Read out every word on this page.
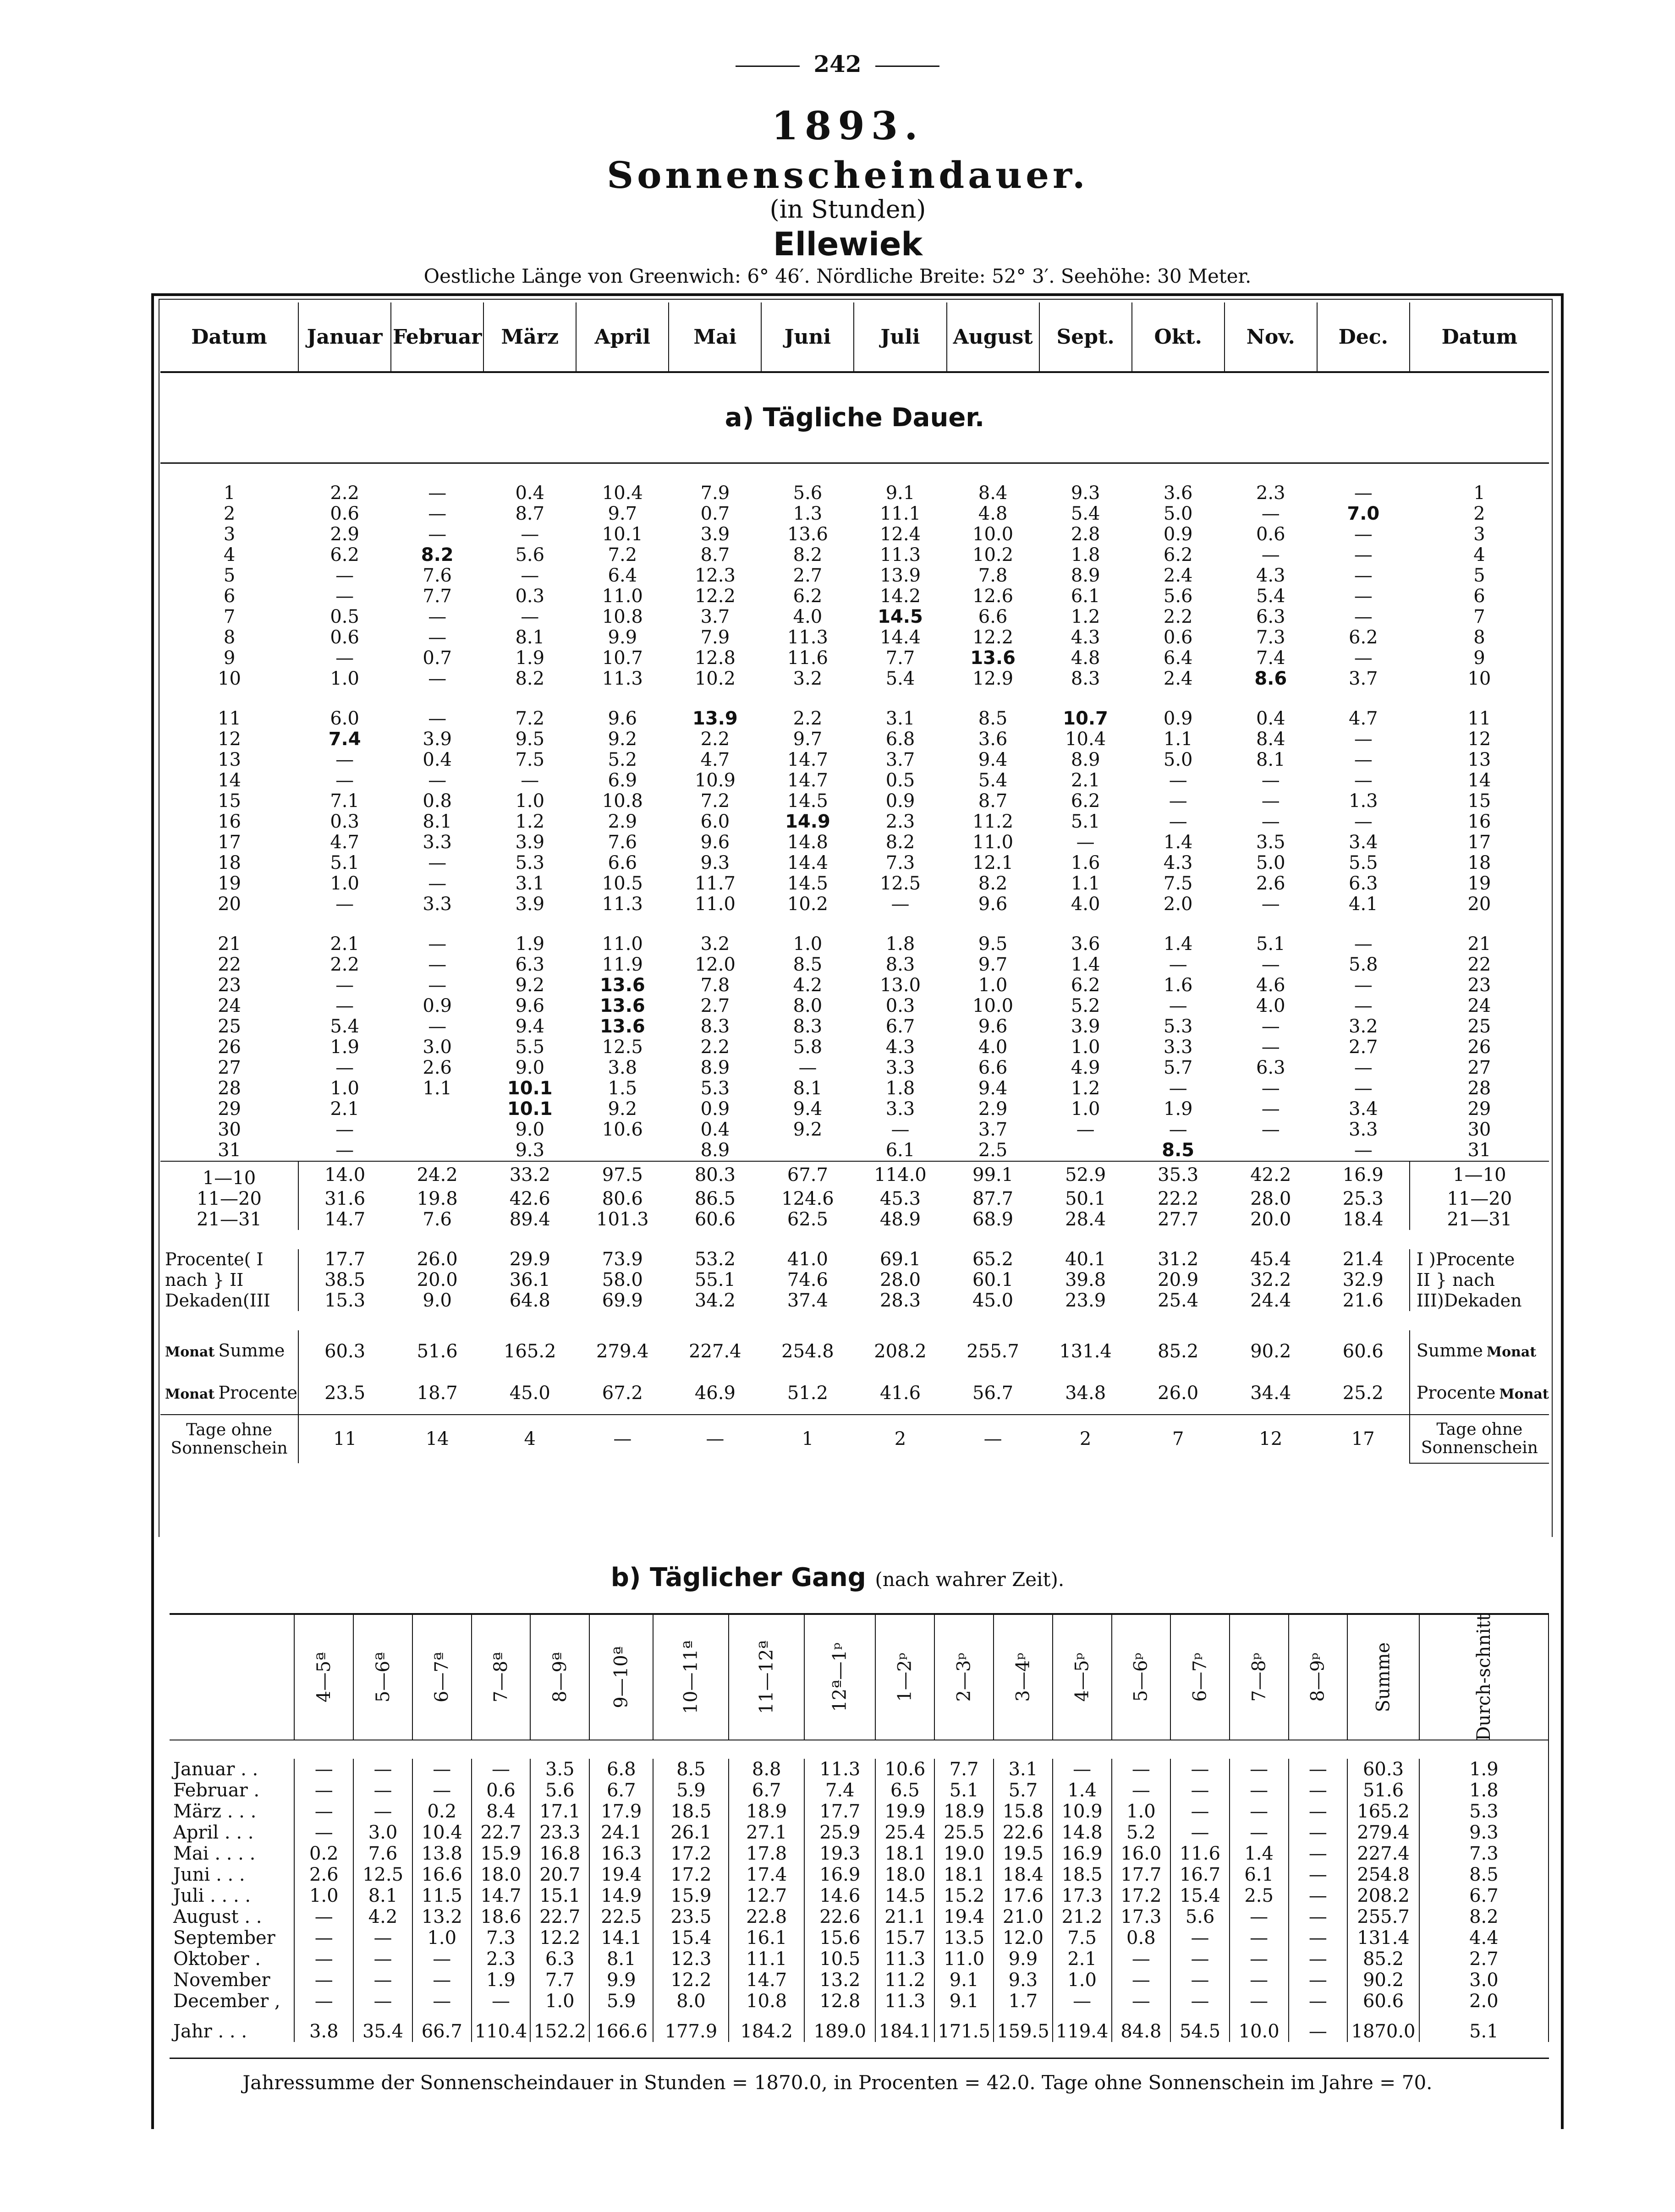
242
1893.
Sonnenscheindauer.
(in Stunden)
Ellewiek
Oestliche Länge von Greenwich: 6° 46′. Nördliche Breite: 52° 3′. Seehöhe: 30 Meter.
Datum	Januar	Februar	März	April	Mai	Juni	Juli	August	Sept.	Okt.	Nov.	Dec.	Datum
a) Tägliche Dauer.													

1	2.2	—	0.4	10.4	7.9	5.6	9.1	8.4	9.3	3.6	2.3	—	1
2	0.6	—	8.7	9.7	0.7	1.3	11.1	4.8	5.4	5.0	—	7.0	2
3	2.9	—	—	10.1	3.9	13.6	12.4	10.0	2.8	0.9	0.6	—	3
4	6.2	8.2	5.6	7.2	8.7	8.2	11.3	10.2	1.8	6.2	—	—	4
5	—	7.6	—	6.4	12.3	2.7	13.9	7.8	8.9	2.4	4.3	—	5
6	—	7.7	0.3	11.0	12.2	6.2	14.2	12.6	6.1	5.6	5.4	—	6
7	0.5	—	—	10.8	3.7	4.0	14.5	6.6	1.2	2.2	6.3	—	7
8	0.6	—	8.1	9.9	7.9	11.3	14.4	12.2	4.3	0.6	7.3	6.2	8
9	—	0.7	1.9	10.7	12.8	11.6	7.7	13.6	4.8	6.4	7.4	—	9
10	1.0	—	8.2	11.3	10.2	3.2	5.4	12.9	8.3	2.4	8.6	3.7	10

11	6.0	—	7.2	9.6	13.9	2.2	3.1	8.5	10.7	0.9	0.4	4.7	11
12	7.4	3.9	9.5	9.2	2.2	9.7	6.8	3.6	10.4	1.1	8.4	—	12
13	—	0.4	7.5	5.2	4.7	14.7	3.7	9.4	8.9	5.0	8.1	—	13
14	—	—	—	6.9	10.9	14.7	0.5	5.4	2.1	—	—	—	14
15	7.1	0.8	1.0	10.8	7.2	14.5	0.9	8.7	6.2	—	—	1.3	15
16	0.3	8.1	1.2	2.9	6.0	14.9	2.3	11.2	5.1	—	—	—	16
17	4.7	3.3	3.9	7.6	9.6	14.8	8.2	11.0	—	1.4	3.5	3.4	17
18	5.1	—	5.3	6.6	9.3	14.4	7.3	12.1	1.6	4.3	5.0	5.5	18
19	1.0	—	3.1	10.5	11.7	14.5	12.5	8.2	1.1	7.5	2.6	6.3	19
20	—	3.3	3.9	11.3	11.0	10.2	—	9.6	4.0	2.0	—	4.1	20

21	2.1	—	1.9	11.0	3.2	1.0	1.8	9.5	3.6	1.4	5.1	—	21
22	2.2	—	6.3	11.9	12.0	8.5	8.3	9.7	1.4	—	—	5.8	22
23	—	—	9.2	13.6	7.8	4.2	13.0	1.0	6.2	1.6	4.6	—	23
24	—	0.9	9.6	13.6	2.7	8.0	0.3	10.0	5.2	—	4.0	—	24
25	5.4	—	9.4	13.6	8.3	8.3	6.7	9.6	3.9	5.3	—	3.2	25
26	1.9	3.0	5.5	12.5	2.2	5.8	4.3	4.0	1.0	3.3	—	2.7	26
27	—	2.6	9.0	3.8	8.9	—	3.3	6.6	4.9	5.7	6.3	—	27
28	1.0	1.1	10.1	1.5	5.3	8.1	1.8	9.4	1.2	—	—	—	28
29	2.1		10.1	9.2	0.9	9.4	3.3	2.9	1.0	1.9	—	3.4	29
30	—		9.0	10.6	0.4	9.2	—	3.7	—	—	—	3.3	30
31	—		9.3		8.9		6.1	2.5		8.5		—	31
1—10	14.0	24.2	33.2	97.5	80.3	67.7	114.0	99.1	52.9	35.3	42.2	16.9	1—10
11—20	31.6	19.8	42.6	80.6	86.5	124.6	45.3	87.7	50.1	22.2	28.0	25.3	11—20
21—31	14.7	7.6	89.4	101.3	60.6	62.5	48.9	68.9	28.4	27.7	20.0	18.4	21—31

Procente( I	17.7	26.0	29.9	73.9	53.2	41.0	69.1	65.2	40.1	31.2	45.4	21.4	I )Procente
nach } II	38.5	20.0	36.1	58.0	55.1	74.6	28.0	60.1	39.8	20.9	32.2	32.9	II } nach
Dekaden(III	15.3	9.0	64.8	69.9	34.2	37.4	28.3	45.0	23.9	25.4	24.4	21.6	III)Dekaden

Monat Summe	60.3	51.6	165.2	279.4	227.4	254.8	208.2	255.7	131.4	85.2	90.2	60.6	Summe Monat
Monat Procente	23.5	18.7	45.0	67.2	46.9	51.2	41.6	56.7	34.8	26.0	34.4	25.2	Procente Monat
Tage ohne Sonnenschein	11	14	4	—	—	1	2	—	2	7	12	17	Tage ohne Sonnenschein
b) Täglicher Gang (nach wahrer Zeit).
	4—5ª	5—6ª	6—7ª	7—8ª	8—9ª	9—10ª	10—11ª	11—12ª	12ª—1ᵖ	1—2ᵖ	2—3ᵖ	3—4ᵖ	4—5ᵖ	5—6ᵖ	6—7ᵖ	7—8ᵖ	8—9ᵖ	Summe	Durch-schnitt

Januar . .	—	—	—	—	3.5	6.8	8.5	8.8	11.3	10.6	7.7	3.1	—	—	—	—	—	60.3	1.9
Februar .	—	—	—	0.6	5.6	6.7	5.9	6.7	7.4	6.5	5.1	5.7	1.4	—	—	—	—	51.6	1.8
März . . .	—	—	0.2	8.4	17.1	17.9	18.5	18.9	17.7	19.9	18.9	15.8	10.9	1.0	—	—	—	165.2	5.3
April . . .	—	3.0	10.4	22.7	23.3	24.1	26.1	27.1	25.9	25.4	25.5	22.6	14.8	5.2	—	—	—	279.4	9.3
Mai . . . .	0.2	7.6	13.8	15.9	16.8	16.3	17.2	17.8	19.3	18.1	19.0	19.5	16.9	16.0	11.6	1.4	—	227.4	7.3
Juni . . .	2.6	12.5	16.6	18.0	20.7	19.4	17.2	17.4	16.9	18.0	18.1	18.4	18.5	17.7	16.7	6.1	—	254.8	8.5
Juli . . . .	1.0	8.1	11.5	14.7	15.1	14.9	15.9	12.7	14.6	14.5	15.2	17.6	17.3	17.2	15.4	2.5	—	208.2	6.7
August . .	—	4.2	13.2	18.6	22.7	22.5	23.5	22.8	22.6	21.1	19.4	21.0	21.2	17.3	5.6	—	—	255.7	8.2
September	—	—	1.0	7.3	12.2	14.1	15.4	16.1	15.6	15.7	13.5	12.0	7.5	0.8	—	—	—	131.4	4.4
Oktober .	—	—	—	2.3	6.3	8.1	12.3	11.1	10.5	11.3	11.0	9.9	2.1	—	—	—	—	85.2	2.7
November	—	—	—	1.9	7.7	9.9	12.2	14.7	13.2	11.2	9.1	9.3	1.0	—	—	—	—	90.2	3.0
December ,	—	—	—	—	1.0	5.9	8.0	10.8	12.8	11.3	9.1	1.7	—	—	—	—	—	60.6	2.0
Jahr . . .	3.8	35.4	66.7	110.4	152.2	166.6	177.9	184.2	189.0	184.1	171.5	159.5	119.4	84.8	54.5	10.0	—	1870.0	5.1
Jahressumme der Sonnenscheindauer in Stunden = 1870.0, in Procenten = 42.0. Tage ohne Sonnenschein im Jahre = 70.
